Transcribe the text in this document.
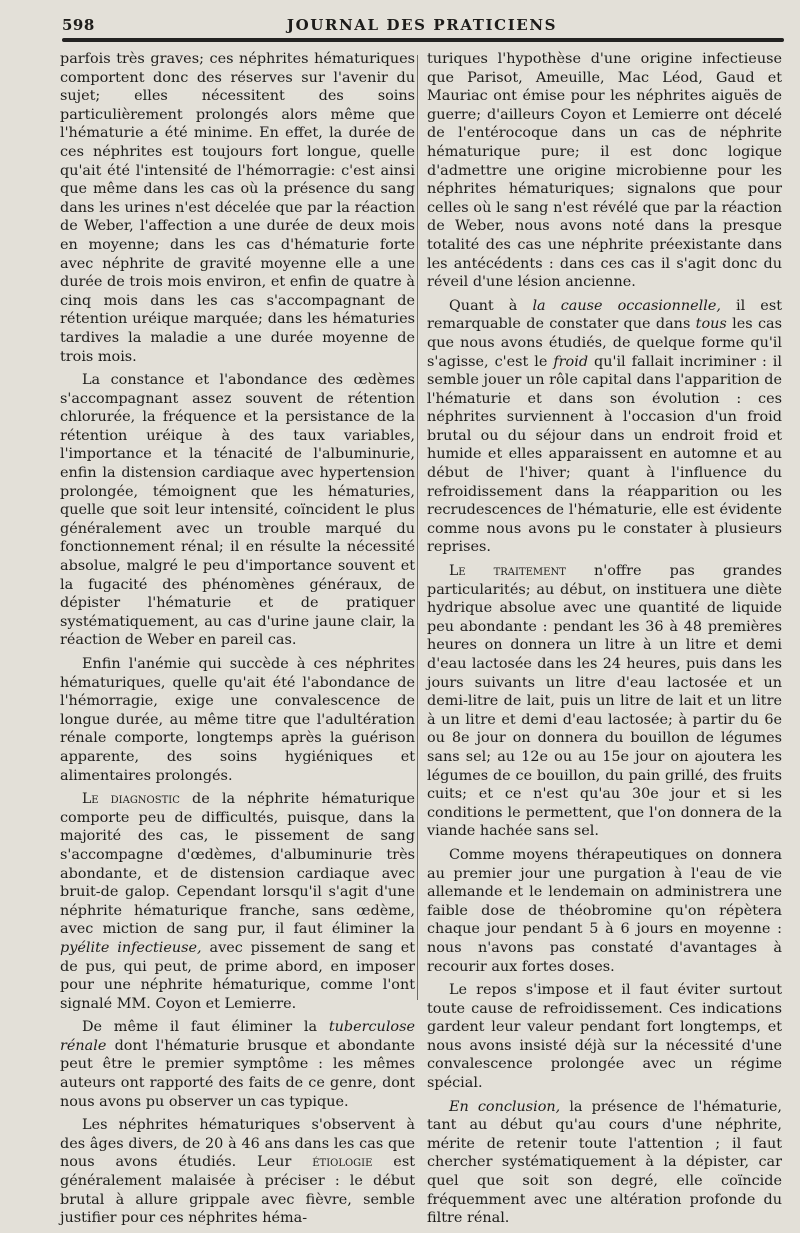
598	JOURNAL DES PRATICIENS

parfois très graves; ces néphrites hématuriques comportent donc des réserves sur l'avenir du sujet; elles nécessitent des soins particulièrement prolongés alors même que l'hématurie a été minime. En effet, la durée de ces néphrites est toujours fort longue, quelle qu'ait été l'intensité de l'hémorragie: c'est ainsi que même dans les cas où la présence du sang dans les urines n'est décelée que par la réaction de Weber, l'affection a une durée de deux mois en moyenne; dans les cas d'hématurie forte avec néphrite de gravité moyenne elle a une durée de trois mois environ, et enfin de quatre à cinq mois dans les cas s'accompagnant de rétention uréique marquée; dans les hématuries tardives la maladie a une durée moyenne de trois mois.

La constance et l'abondance des œdèmes s'accompagnant assez souvent de rétention chlorurée, la fréquence et la persistance de la rétention uréique à des taux variables, l'importance et la ténacité de l'albuminurie, enfin la distension cardiaque avec hypertension prolongée, témoignent que les hématuries, quelle que soit leur intensité, coïncident le plus généralement avec un trouble marqué du fonctionnement rénal; il en résulte la nécessité absolue, malgré le peu d'importance souvent et la fugacité des phénomènes généraux, de dépister l'hématurie et de pratiquer systématiquement, au cas d'urine jaune clair, la réaction de Weber en pareil cas.

Enfin l'anémie qui succède à ces néphrites hématuriques, quelle qu'ait été l'abondance de l'hémorragie, exige une convalescence de longue durée, au même titre que l'adultération rénale comporte, longtemps après la guérison apparente, des soins hygiéniques et alimentaires prolongés.

Le diagnostic de la néphrite hématurique comporte peu de difficultés, puisque, dans la majorité des cas, le pissement de sang s'accompagne d'œdèmes, d'albuminurie très abondante, et de distension cardiaque avec bruit-de galop. Cependant lorsqu'il s'agit d'une néphrite hématurique franche, sans œdème, avec miction de sang pur, il faut éliminer la pyélite infectieuse, avec pissement de sang et de pus, qui peut, de prime abord, en imposer pour une néphrite hématurique, comme l'ont signalé MM. Coyon et Lemierre.

De même il faut éliminer la tuberculose rénale dont l'hématurie brusque et abondante peut être le premier symptôme : les mêmes auteurs ont rapporté des faits de ce genre, dont nous avons pu observer un cas typique.

Les néphrites hématuriques s'observent à des âges divers, de 20 à 46 ans dans les cas que nous avons étudiés. Leur étiologie est généralement malaisée à préciser : le début brutal à allure grippale avec fièvre, semble justifier pour ces néphrites héma-

turiques l'hypothèse d'une origine infectieuse que Parisot, Ameuille, Mac Léod, Gaud et Mauriac ont émise pour les néphrites aiguës de guerre; d'ailleurs Coyon et Lemierre ont décelé de l'entérocoque dans un cas de néphrite hématurique pure; il est donc logique d'admettre une origine microbienne pour les néphrites hématuriques; signalons que pour celles où le sang n'est révélé que par la réaction de Weber, nous avons noté dans la presque totalité des cas une néphrite préexistante dans les antécédents : dans ces cas il s'agit donc du réveil d'une lésion ancienne.

Quant à la cause occasionnelle, il est remarquable de constater que dans tous les cas que nous avons étudiés, de quelque forme qu'il s'agisse, c'est le froid qu'il fallait incriminer : il semble jouer un rôle capital dans l'apparition de l'hématurie et dans son évolution : ces néphrites surviennent à l'occasion d'un froid brutal ou du séjour dans un endroit froid et humide et elles apparaissent en automne et au début de l'hiver; quant à l'influence du refroidissement dans la réapparition ou les recrudescences de l'hématurie, elle est évidente comme nous avons pu le constater à plusieurs reprises.

Le traitement n'offre pas grandes particularités; au début, on instituera une diète hydrique absolue avec une quantité de liquide peu abondante : pendant les 36 à 48 premières heures on donnera un litre à un litre et demi d'eau lactosée dans les 24 heures, puis dans les jours suivants un litre d'eau lactosée et un demi-litre de lait, puis un litre de lait et un litre à un litre et demi d'eau lactosée; à partir du 6e ou 8e jour on donnera du bouillon de légumes sans sel; au 12e ou au 15e jour on ajoutera les légumes de ce bouillon, du pain grillé, des fruits cuits; et ce n'est qu'au 30e jour et si les conditions le permettent, que l'on donnera de la viande hachée sans sel.

Comme moyens thérapeutiques on donnera au premier jour une purgation à l'eau de vie allemande et le lendemain on administrera une faible dose de théobromine qu'on répètera chaque jour pendant 5 à 6 jours en moyenne : nous n'avons pas constaté d'avantages à recourir aux fortes doses.

Le repos s'impose et il faut éviter surtout toute cause de refroidissement. Ces indications gardent leur valeur pendant fort longtemps, et nous avons insisté déjà sur la nécessité d'une convalescence prolongée avec un régime spécial.

En conclusion, la présence de l'hématurie, tant au début qu'au cours d'une néphrite, mérite de retenir toute l'attention ; il faut chercher systématiquement à la dépister, car quel que soit son degré, elle coïncide fréquemment avec une altération profonde du filtre rénal.
